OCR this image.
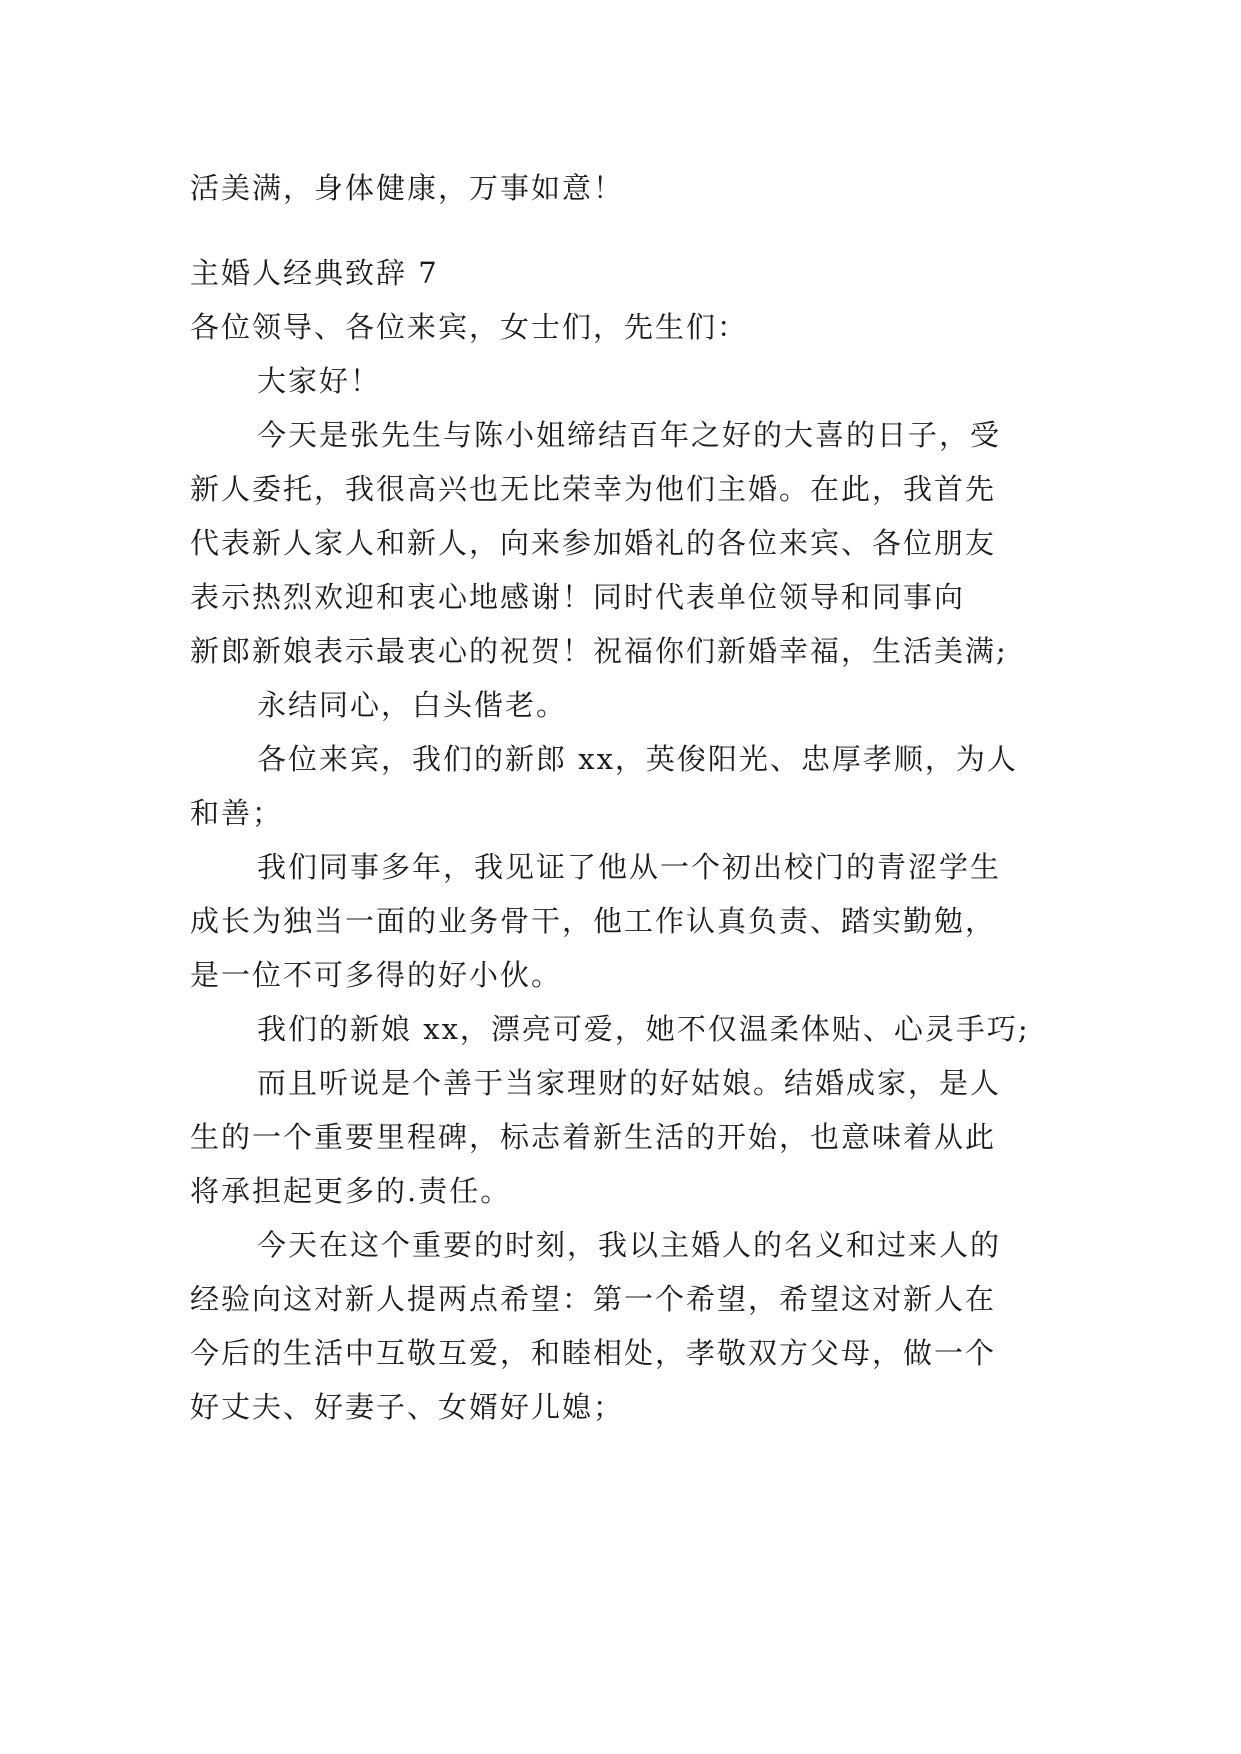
活美满，身体健康，万事如意！

主婚人经典致辞 7

各位领导、各位来宾，女士们，先生们：

大家好！

今天是张先生与陈小姐缔结百年之好的大喜的日子，受

新人委托，我很高兴也无比荣幸为他们主婚。在此，我首先

代表新人家人和新人，向来参加婚礼的各位来宾、各位朋友

表示热烈欢迎和衷心地感谢！同时代表单位领导和同事向

新郎新娘表示最衷心的祝贺！祝福你们新婚幸福，生活美满;

永结同心，白头偕老。

各位来宾，我们的新郎 xx，英俊阳光、忠厚孝顺，为人

和善；

我们同事多年，我见证了他从一个初出校门的青涩学生

成长为独当一面的业务骨干，他工作认真负责、踏实勤勉，

是一位不可多得的好小伙。

我们的新娘 xx，漂亮可爱，她不仅温柔体贴、心灵手巧;

而且听说是个善于当家理财的好姑娘。结婚成家，是人

生的一个重要里程碑，标志着新生活的开始，也意味着从此

将承担起更多的.责任。

今天在这个重要的时刻，我以主婚人的名义和过来人的

经验向这对新人提两点希望：第一个希望，希望这对新人在

今后的生活中互敬互爱，和睦相处，孝敬双方父母，做一个

好丈夫、好妻子、女婿好儿媳；
